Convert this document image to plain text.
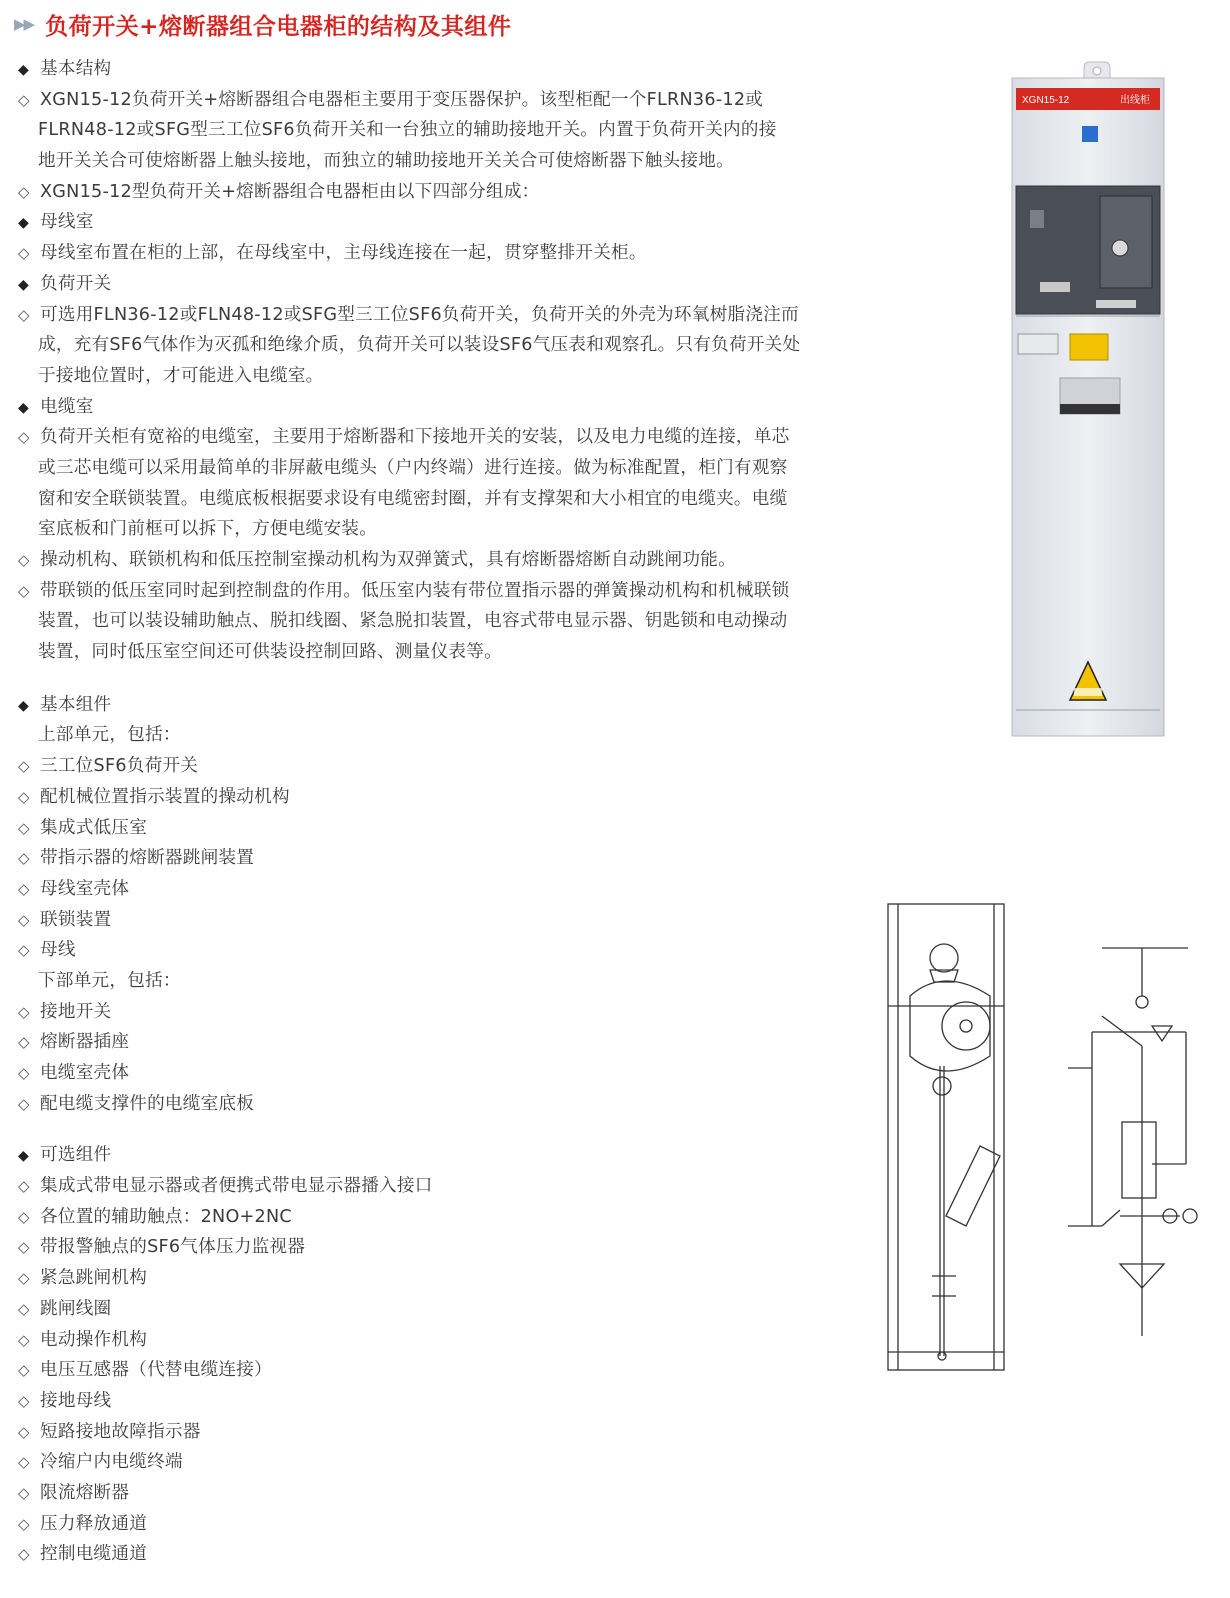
▶▶ 负荷开关+熔断器组合电器柜的结构及其组件
◆ 基本结构
◇ XGN15-12负荷开关+熔断器组合电器柜主要用于变压器保护。该型柜配一个FLRN36-12或
FLRN48-12或SFG型三工位SF6负荷开关和一台独立的辅助接地开关。内置于负荷开关内的接
地开关关合可使熔断器上触头接地，而独立的辅助接地开关关合可使熔断器下触头接地。
◇ XGN15-12型负荷开关+熔断器组合电器柜由以下四部分组成：
◆ 母线室
◇ 母线室布置在柜的上部，在母线室中，主母线连接在一起，贯穿整排开关柜。
◆ 负荷开关
◇ 可选用FLN36-12或FLN48-12或SFG型三工位SF6负荷开关，负荷开关的外壳为环氧树脂浇注而
成，充有SF6气体作为灭孤和绝缘介质，负荷开关可以装设SF6气压表和观察孔。只有负荷开关处
于接地位置时，才可能进入电缆室。
◆ 电缆室
◇ 负荷开关柜有宽裕的电缆室，主要用于熔断器和下接地开关的安装，以及电力电缆的连接，单芯
或三芯电缆可以采用最简单的非屏蔽电缆头（户内终端）进行连接。做为标准配置，柜门有观察
窗和安全联锁装置。电缆底板根据要求设有电缆密封圈，并有支撑架和大小相宜的电缆夹。电缆
室底板和门前框可以拆下，方便电缆安装。
◇ 操动机构、联锁机构和低压控制室操动机构为双弹簧式，具有熔断器熔断自动跳闸功能。
◇ 带联锁的低压室同时起到控制盘的作用。低压室内装有带位置指示器的弹簧操动机构和机械联锁
装置，也可以装设辅助触点、脱扣线圈、紧急脱扣装置，电容式带电显示器、钥匙锁和电动操动
装置，同时低压室空间还可供装设控制回路、测量仪表等。
◆ 基本组件
上部单元，包括：
◇ 三工位SF6负荷开关
◇ 配机械位置指示装置的操动机构
◇ 集成式低压室
◇ 带指示器的熔断器跳闸装置
◇ 母线室壳体
◇ 联锁装置
◇ 母线
下部单元，包括：
◇ 接地开关
◇ 熔断器插座
◇ 电缆室壳体
◇ 配电缆支撑件的电缆室底板
◆ 可选组件
◇ 集成式带电显示器或者便携式带电显示器播入接口
◇ 各位置的辅助触点：2NO+2NC
◇ 带报警触点的SF6气体压力监视器
◇ 紧急跳闸机构
◇ 跳闸线圈
◇ 电动操作机构
◇ 电压互感器（代替电缆连接）
◇ 接地母线
◇ 短路接地故障指示器
◇ 冷缩户内电缆终端
◇ 限流熔断器
◇ 压力释放通道
◇ 控制电缆通道
XGN15-12	出线柜
